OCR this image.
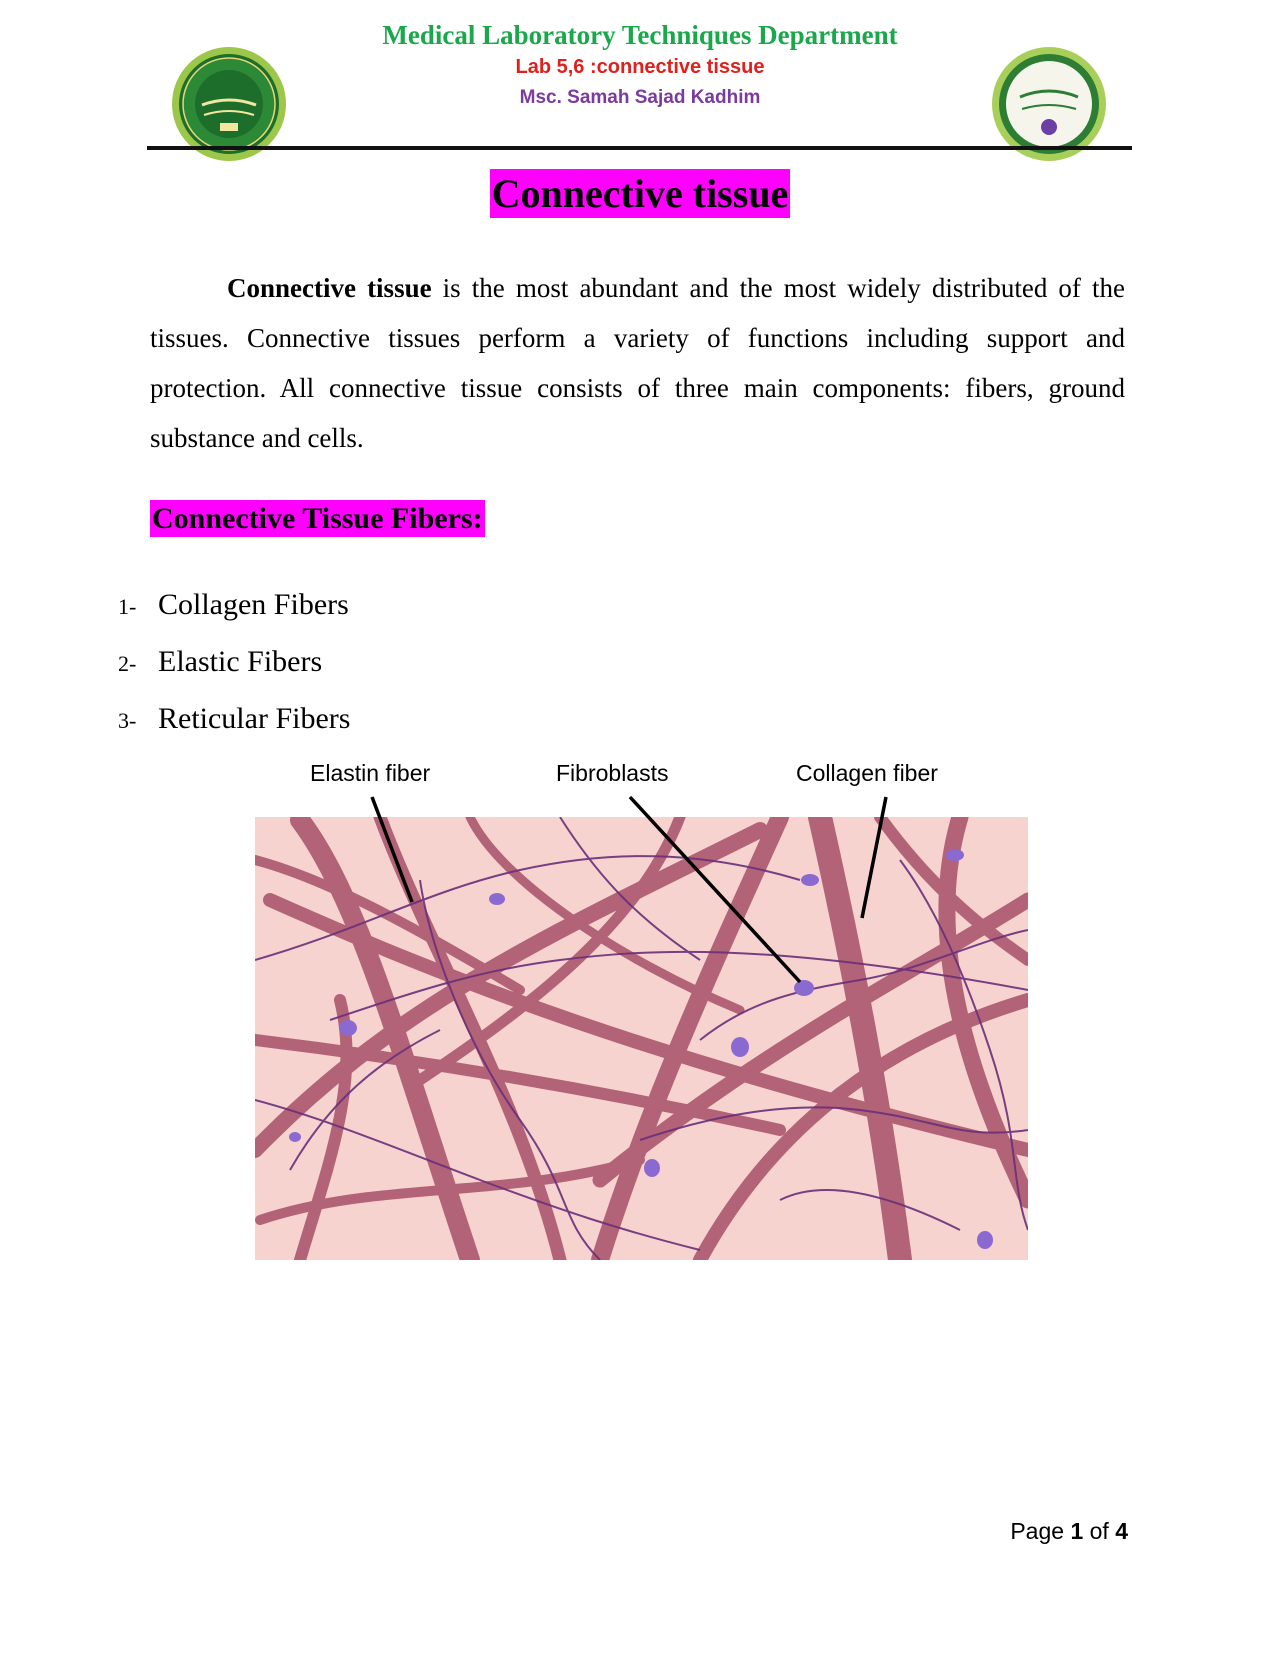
Medical Laboratory Techniques Department
Lab 5,6 :connective tissue
Msc. Samah Sajad Kadhim
Connective tissue

Connective tissue is the most abundant and the most widely distributed of the tissues. Connective tissues perform a variety of functions including support and protection. All connective tissue consists of three main components: fibers, ground substance and cells.

Connective Tissue Fibers:
1- Collagen Fibers
2- Elastic Fibers
3- Reticular Fibers
Elastin fiber	Fibroblasts	Collagen fiber
Page 1 of 4
